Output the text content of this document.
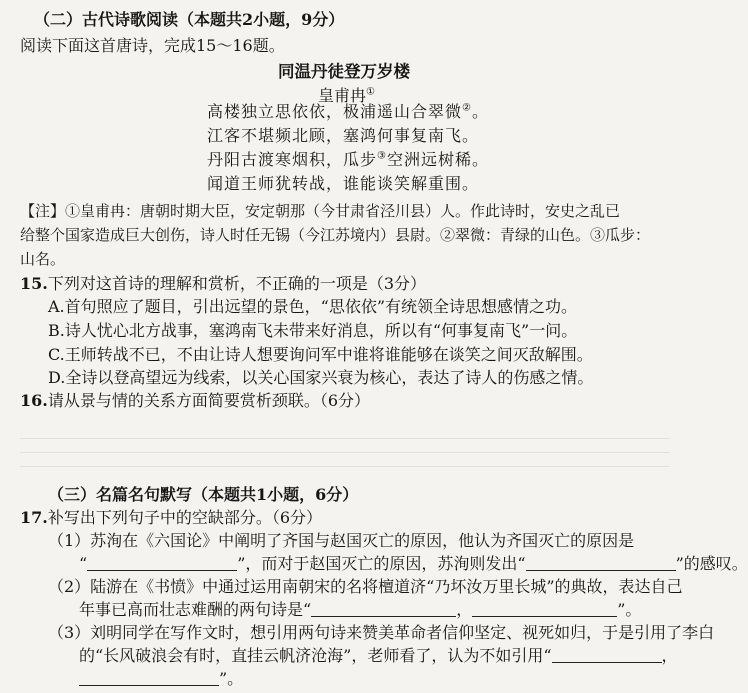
（二）古代诗歌阅读（本题共2小题，9分）
阅读下面这首唐诗，完成15～16题。
同温丹徒登万岁楼
皇甫冉①
高楼独立思依依，极浦遥山合翠微②。
江客不堪频北顾，塞鸿何事复南飞。
丹阳古渡寒烟积，瓜步③空洲远树稀。
闻道王师犹转战，谁能谈笑解重围。
【注】①皇甫冉：唐朝时期大臣，安定朝那（今甘肃省泾川县）人。作此诗时，安史之乱已
给整个国家造成巨大创伤，诗人时任无锡（今江苏境内）县尉。②翠微：青绿的山色。③瓜步：
山名。
15.下列对这首诗的理解和赏析，不正确的一项是（3分）
A.首句照应了题目，引出远望的景色，“思依依”有统领全诗思想感情之功。
B.诗人忧心北方战事，塞鸿南飞未带来好消息，所以有“何事复南飞”一问。
C.王师转战不已，不由让诗人想要询问军中谁将谁能够在谈笑之间灭敌解围。
D.全诗以登高望远为线索，以关心国家兴衰为核心，表达了诗人的伤感之情。
16.请从景与情的关系方面简要赏析颈联。（6分）
（三）名篇名句默写（本题共1小题，6分）
17.补写出下列句子中的空缺部分。（6分）
（1）苏洵在《六国论》中阐明了齐国与赵国灭亡的原因，他认为齐国灭亡的原因是
“	”，而对于赵国灭亡的原因，苏洵则发出“	”的感叹。
（2）陆游在《书愤》中通过运用南朝宋的名将檀道济“乃坏汝万里长城”的典故，表达自己
年事已高而壮志难酬的两句诗是“	，	”。
（3）刘明同学在写作文时，想引用两句诗来赞美革命者信仰坚定、视死如归，于是引用了李白
的“长风破浪会有时，直挂云帆济沧海”，老师看了，认为不如引用“	，
”。
